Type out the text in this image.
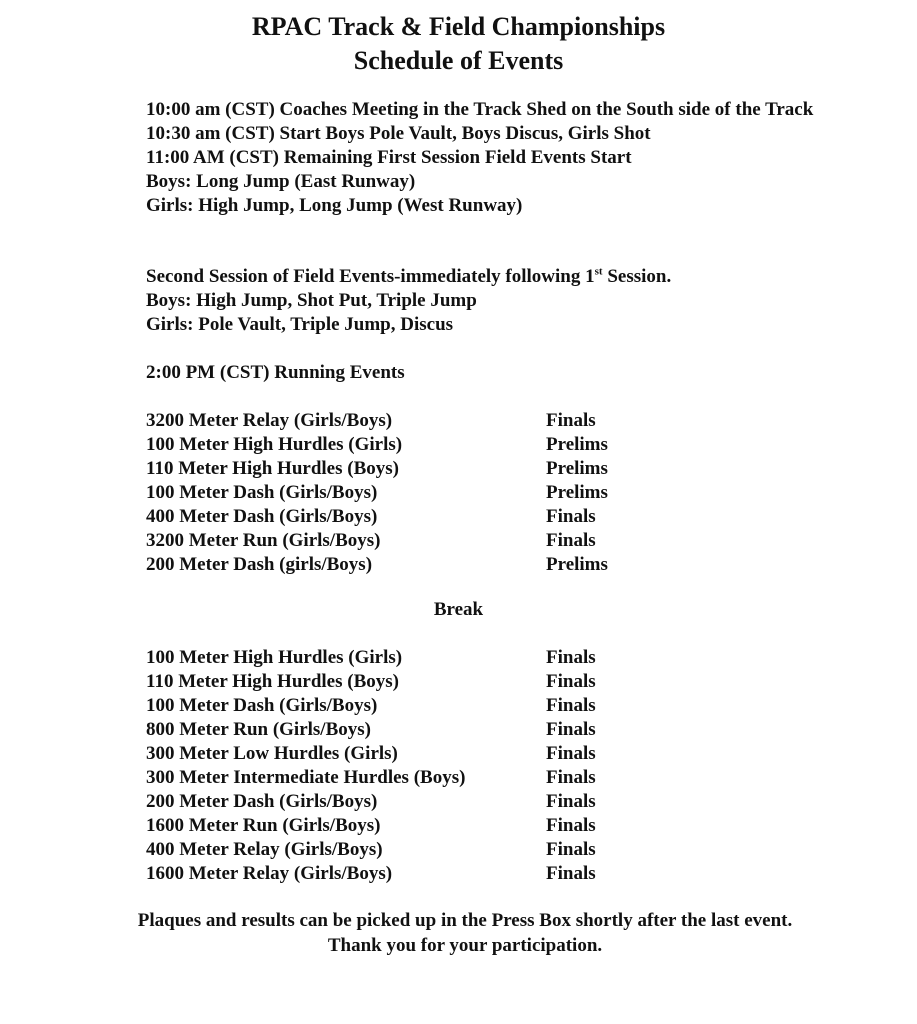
RPAC Track & Field Championships
Schedule of Events
10:00 am (CST) Coaches Meeting in the Track Shed on the South side of the Track
10:30 am (CST) Start Boys Pole Vault, Boys Discus, Girls Shot
11:00 AM (CST) Remaining First Session Field Events Start
Boys: Long Jump (East Runway)
Girls: High Jump, Long Jump (West Runway)
Second Session of Field Events-immediately following 1st Session.
Boys: High Jump, Shot Put, Triple Jump
Girls: Pole Vault, Triple Jump, Discus
2:00 PM (CST) Running Events
3200 Meter Relay (Girls/Boys)	Finals
100 Meter High Hurdles (Girls)	Prelims
110 Meter High Hurdles (Boys)	Prelims
100 Meter Dash (Girls/Boys)	Prelims
400 Meter Dash (Girls/Boys)	Finals
3200 Meter Run (Girls/Boys)	Finals
200 Meter Dash (girls/Boys)	Prelims
Break
100 Meter High Hurdles (Girls)	Finals
110 Meter High Hurdles (Boys)	Finals
100 Meter Dash (Girls/Boys)	Finals
800 Meter Run (Girls/Boys)	Finals
300 Meter Low Hurdles (Girls)	Finals
300 Meter Intermediate Hurdles (Boys)	Finals
200 Meter Dash (Girls/Boys)	Finals
1600 Meter Run (Girls/Boys)	Finals
400 Meter Relay (Girls/Boys)	Finals
1600 Meter Relay (Girls/Boys)	Finals
Plaques and results can be picked up in the Press Box shortly after the last event.
Thank you for your participation.
